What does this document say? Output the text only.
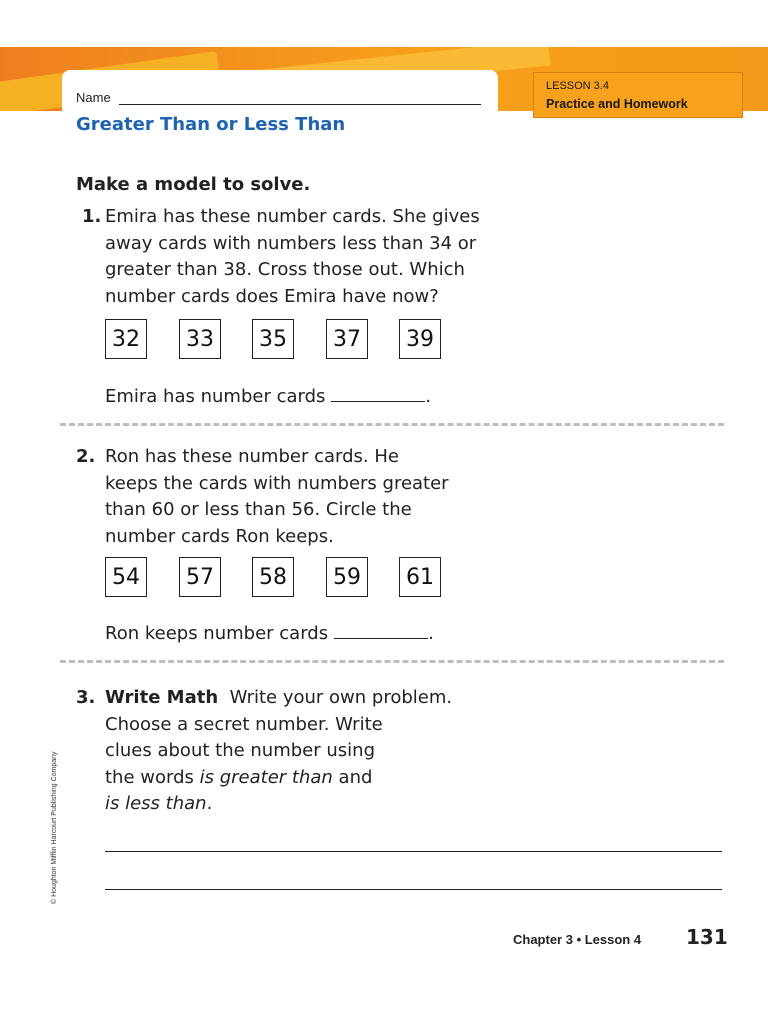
Name
LESSON 3.4
Practice and Homework
Greater Than or Less Than
Make a model to solve.
1. Emira has these number cards. She gives
away cards with numbers less than 34 or
greater than 38. Cross those out. Which
number cards does Emira have now?
32 33 35 37 39
Emira has number cards	.
2. Ron has these number cards. He
keeps the cards with numbers greater
than 60 or less than 56. Circle the
number cards Ron keeps.
54 57 58 59 61
Ron keeps number cards	.
3. Write Math Write your own problem.
Choose a secret number. Write
clues about the number using
the words is greater than and
is less than.
© Houghton Mifflin Harcourt Publishing Company
Chapter 3 • Lesson 4 131
